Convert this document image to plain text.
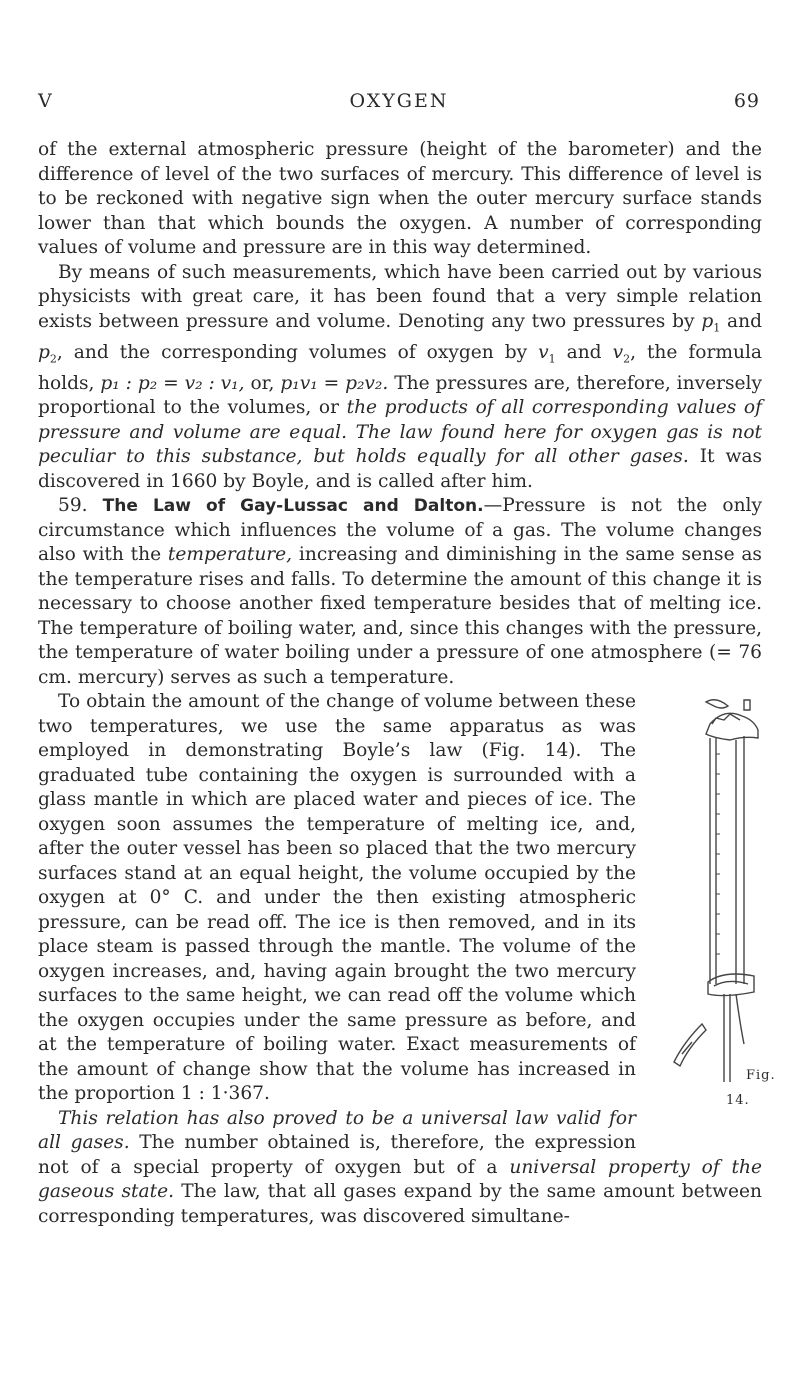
V	OXYGEN	69

of the external atmospheric pressure (height of the barometer) and the difference of level of the two surfaces of mercury. This difference of level is to be reckoned with negative sign when the outer mercury surface stands lower than that which bounds the oxygen. A number of corresponding values of volume and pressure are in this way determined.

By means of such measurements, which have been carried out by various physicists with great care, it has been found that a very simple relation exists between pressure and volume. Denoting any two pressures by $p_1$ and $p_2$, and the corresponding volumes of oxygen by $v_1$ and $v_2$, the formula holds, p₁ : p₂ = v₂ : v₁, or, p₁v₁ = p₂v₂. The pressures are, therefore, inversely proportional to the volumes, or the products of all corresponding values of pressure and volume are equal. The law found here for oxygen gas is not peculiar to this substance, but holds equally for all other gases. It was discovered in 1660 by Boyle, and is called after him.

59. The Law of Gay-Lussac and Dalton.—Pressure is not the only circumstance which influences the volume of a gas. The volume changes also with the temperature, increasing and diminishing in the same sense as the temperature rises and falls. To determine the amount of this change it is necessary to choose another fixed temperature besides that of melting ice. The temperature of boiling water, and, since this changes with the pressure, the temperature of water boiling under a pressure of one atmosphere (= 76 cm. mercury) serves as such a temperature.

Fig. 14.
To obtain the amount of the change of volume between these two temperatures, we use the same apparatus as was employed in demonstrating Boyle’s law (Fig. 14). The graduated tube containing the oxygen is surrounded with a glass mantle in which are placed water and pieces of ice. The oxygen soon assumes the temperature of melting ice, and, after the outer vessel has been so placed that the two mercury surfaces stand at an equal height, the volume occupied by the oxygen at 0° C. and under the then existing atmospheric pressure, can be read off. The ice is then removed, and in its place steam is passed through the mantle. The volume of the oxygen increases, and, having again brought the two mercury surfaces to the same height, we can read off the volume which the oxygen occupies under the same pressure as before, and at the temperature of boiling water. Exact measurements of the amount of change show that the volume has increased in the proportion 1 : 1·367.

This relation has also proved to be a universal law valid for all gases. The number obtained is, therefore, the expression not of a special property of oxygen but of a universal property of the gaseous state. The law, that all gases expand by the same amount between corresponding temperatures, was discovered simultane-
